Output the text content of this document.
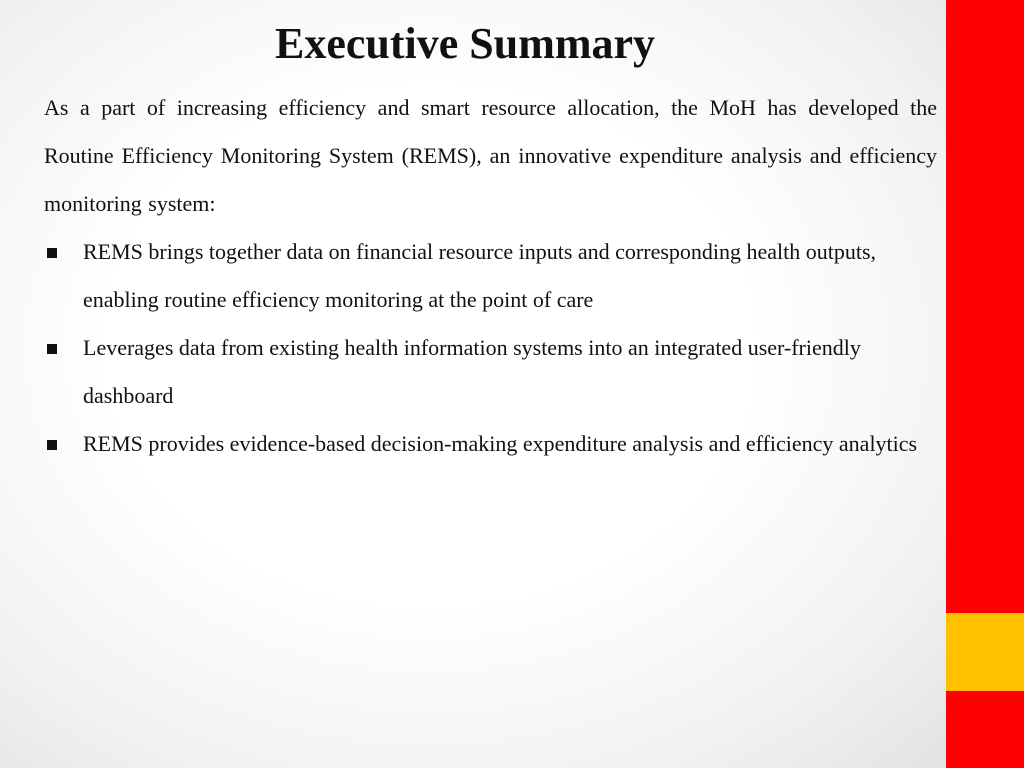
Executive Summary

As a part of increasing efficiency and smart resource allocation, the MoH has developed the Routine Efficiency Monitoring System (REMS), an innovative expenditure analysis and efficiency monitoring system:

REMS brings together data on financial resource inputs and corresponding health outputs, enabling routine efficiency monitoring at the point of care
Leverages data from existing health information systems into an integrated user-friendly dashboard
REMS provides evidence-based decision-making expenditure analysis and efficiency analytics
